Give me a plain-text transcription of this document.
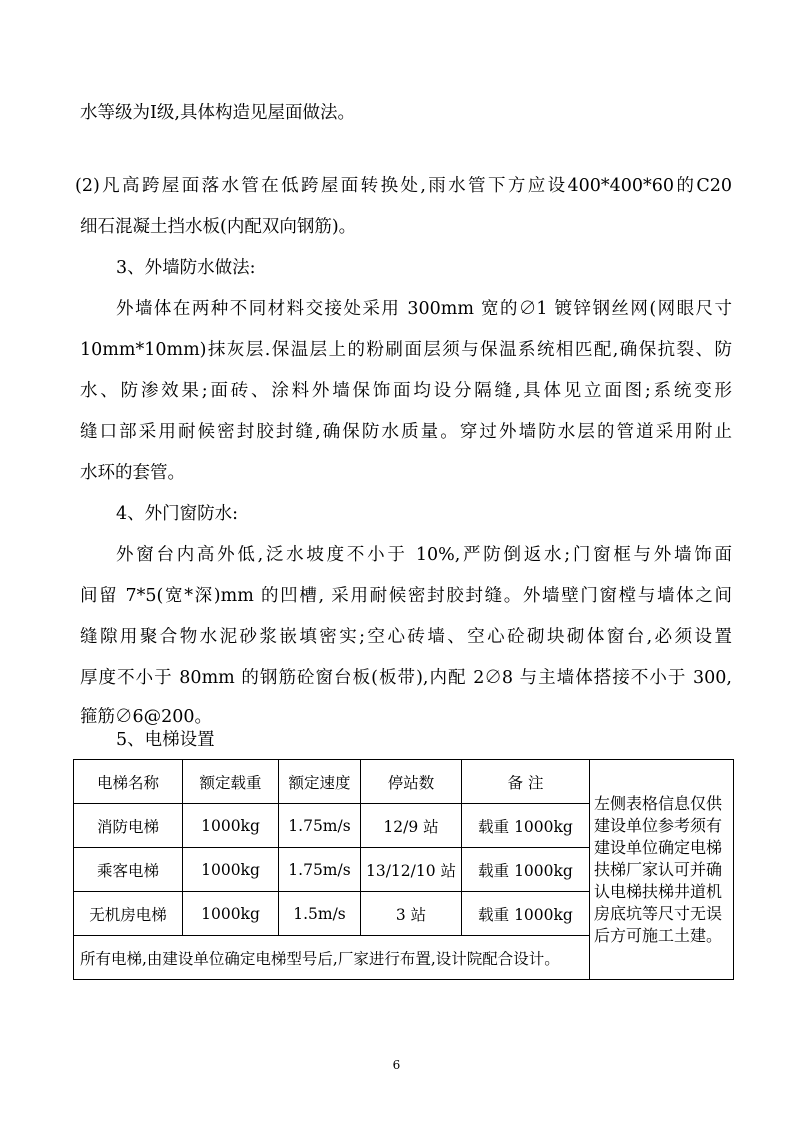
水等级为Ⅰ级,具体构造见屋面做法。
(2)凡高跨屋面落水管在低跨屋面转换处,雨水管下方应设400*400*60的C20
细石混凝土挡水板(内配双向钢筋)。
3、外墙防水做法:
外墙体在两种不同材料交接处采用 300mm 宽的∅1 镀锌钢丝网(网眼尺寸
10mm*10mm)抹灰层.保温层上的粉刷面层须与保温系统相匹配,确保抗裂、防
水、防渗效果;面砖、涂料外墙保饰面均设分隔缝,具体见立面图;系统变形
缝口部采用耐候密封胶封缝,确保防水质量。穿过外墙防水层的管道采用附止
水环的套管。
4、外门窗防水:
外窗台内高外低,泛水坡度不小于 10%,严防倒返水;门窗框与外墙饰面
间留 7*5(宽*深)mm 的凹槽, 采用耐候密封胶封缝。外墙壁门窗樘与墙体之间
缝隙用聚合物水泥砂浆嵌填密实;空心砖墙、空心砼砌块砌体窗台,必须设置
厚度不小于 80mm 的钢筋砼窗台板(板带),内配 2∅8 与主墙体搭接不小于 300,
箍筋∅6@200。
5、电梯设置
电梯名称	额定载重	额定速度	停站数	备 注	左侧表格信息仅供建设单位参考须有建设单位确定电梯扶梯厂家认可并确认电梯扶梯井道机房底坑等尺寸无误后方可施工土建。
消防电梯	1000kg	1.75m/s	12/9 站	载重 1000kg	
乘客电梯	1000kg	1.75m/s	13/12/10 站	载重 1000kg	
无机房电梯	1000kg	1.5m/s	3 站	载重 1000kg	
所有电梯,由建设单位确定电梯型号后,厂家进行布置,设计院配合设计。					
6
